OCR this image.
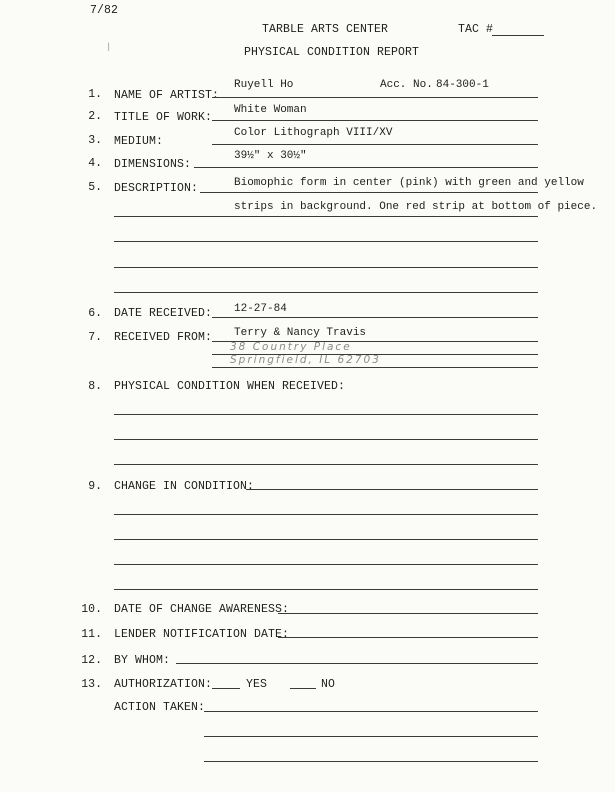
7/82
|
TARBLE ARTS CENTER	TAC #
PHYSICAL CONDITION REPORT
1. NAME OF ARTIST:
Ruyell Ho	Acc. No. 84-300-1
2. TITLE OF WORK:
White Woman
3. MEDIUM:
Color Lithograph VIII/XV
4. DIMENSIONS:
39½" x 30½"
5. DESCRIPTION:	Biomophic form in center (pink) with green and yellow
strips in background. One red strip at bottom of piece.
6. DATE RECEIVED: 12-27-84
7. RECEIVED FROM: Terry & Nancy Travis
38 Country Place
Springfield, IL 62703
8. PHYSICAL CONDITION WHEN RECEIVED:
9. CHANGE IN CONDITION:
10. DATE OF CHANGE AWARENESS:
11. LENDER NOTIFICATION DATE:
12. BY WHOM:
13. AUTHORIZATION:	YES	NO
ACTION TAKEN:
